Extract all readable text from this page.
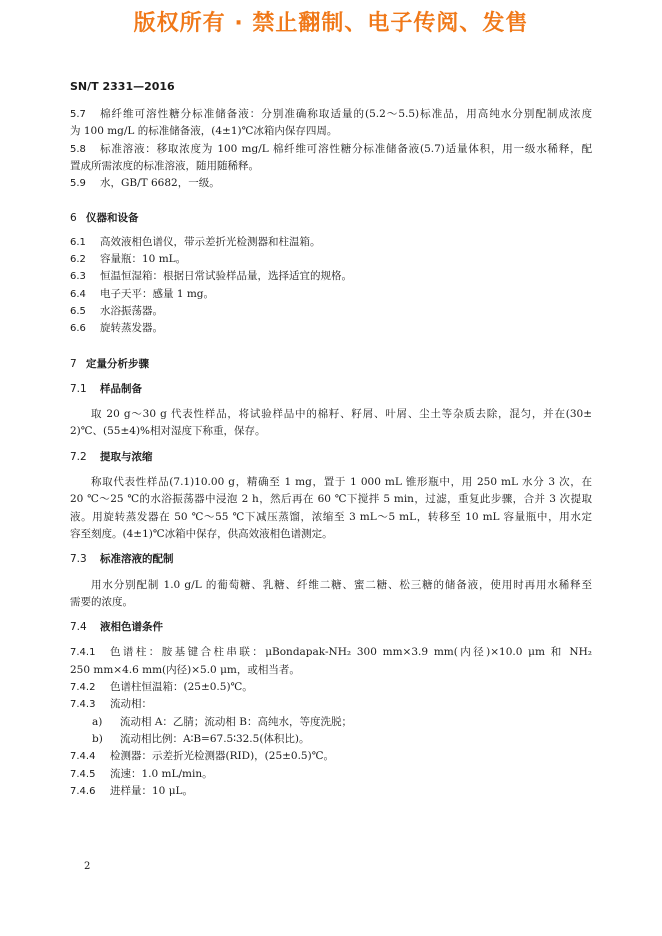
版权所有 · 禁止翻制、电子传阅、发售
SN/T 2331—2016
5.7	棉纤维可溶性糖分标准储备液：分别准确称取适量的(5.2～5.5)标准品，用高纯水分别配制成浓度
为 100 mg/L 的标准储备液，(4±1)℃冰箱内保存四周。
5.8	标准溶液：移取浓度为 100 mg/L 棉纤维可溶性糖分标准储备液(5.7)适量体积，用一级水稀释，配
置成所需浓度的标准溶液，随用随稀释。
5.9	水，GB/T 6682，一级。
6 仪器和设备
6.1	高效液相色谱仪，带示差折光检测器和柱温箱。
6.2	容量瓶：10 mL。
6.3	恒温恒湿箱：根据日常试验样品量，选择适宜的规格。
6.4	电子天平：感量 1 mg。
6.5	水浴振荡器。
6.6	旋转蒸发器。
7 定量分析步骤
7.1	样品制备
取 20 g～30 g 代表性样品，将试验样品中的棉籽、籽屑、叶屑、尘土等杂质去除，混匀，并在(30±
2)℃、(55±4)%相对湿度下称重，保存。
7.2	提取与浓缩
称取代表性样品(7.1)10.00 g，精确至 1 mg，置于 1 000 mL 锥形瓶中，用 250 mL 水分 3 次，在
20 ℃～25 ℃的水浴振荡器中浸泡 2 h，然后再在 60 ℃下搅拌 5 min，过滤，重复此步骤，合并 3 次提取
液。用旋转蒸发器在 50 ℃～55 ℃下减压蒸馏，浓缩至 3 mL～5 mL，转移至 10 mL 容量瓶中，用水定
容至刻度。(4±1)℃冰箱中保存，供高效液相色谱测定。
7.3	标准溶液的配制
用水分别配制 1.0 g/L 的葡萄糖、乳糖、纤维二糖、蜜二糖、松三糖的储备液，使用时再用水稀释至
需要的浓度。
7.4	液相色谱条件
7.4.1	色谱柱：胺基键合柱串联：μBondapak-NH₂ 300 mm×3.9 mm(内径)×10.0 μm 和 NH₂
250 mm×4.6 mm(内径)×5.0 μm，或相当者。
7.4.2	色谱柱恒温箱：(25±0.5)℃。
7.4.3	流动相：
a)	流动相 A：乙腈；流动相 B：高纯水，等度洗脱；
b)	流动相比例：A∶B=67.5∶32.5(体积比)。
7.4.4	检测器：示差折光检测器(RID)，(25±0.5)℃。
7.4.5	流速：1.0 mL/min。
7.4.6	进样量：10 μL。
2
